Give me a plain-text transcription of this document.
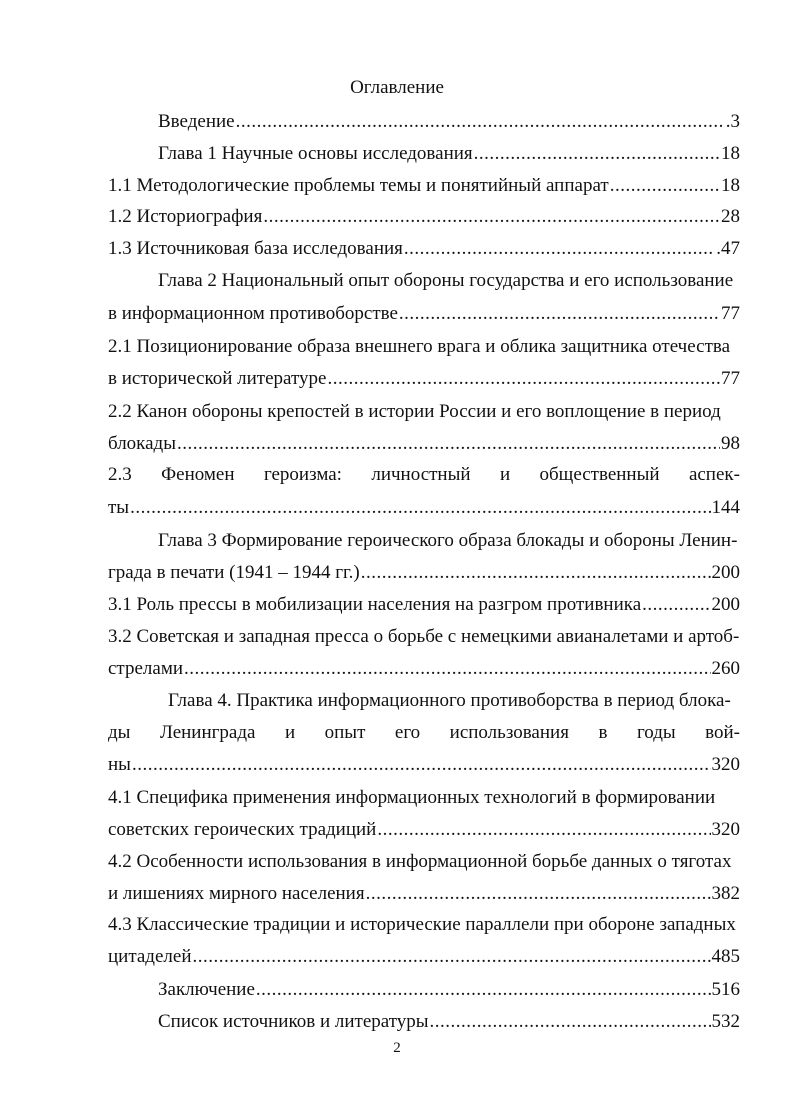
Оглавление
Введение .....	.3
Глава 1 Научные основы исследования .....	18
1.1 Методологические проблемы темы и понятийный аппарат .....	18
1.2 Историография .....	28
1.3 Источниковая база исследования .....	.47
Глава 2 Национальный опыт обороны государства и его использование
в информационном противоборстве .....	77
2.1 Позиционирование образа внешнего врага и облика защитника отечества
в исторической литературе .....	77
2.2 Канон обороны крепостей в истории России и его воплощение в период
блокады .....	98
2.3 Феномен героизма: личностный и общественный аспек-
ты .....	144
Глава 3 Формирование героического образа блокады и обороны Ленин-
града в печати (1941 – 1944 гг.) .....	200
3.1 Роль прессы в мобилизации населения на разгром противника .....	200
3.2 Советская и западная пресса о борьбе с немецкими авианалетами и артоб-
стрелами .....	260
Глава 4. Практика информационного противоборства в период блока-
ды Ленинграда и опыт его использования в годы вой-
ны .....	320
4.1 Специфика применения информационных технологий в формировании
советских героических традиций .....	320
4.2 Особенности использования в информационной борьбе данных о тяготах
и лишениях мирного населения .....	382
4.3 Классические традиции и исторические параллели при обороне западных
цитаделей .....	485
Заключение .....	516
Список источников и литературы .....	532
2
